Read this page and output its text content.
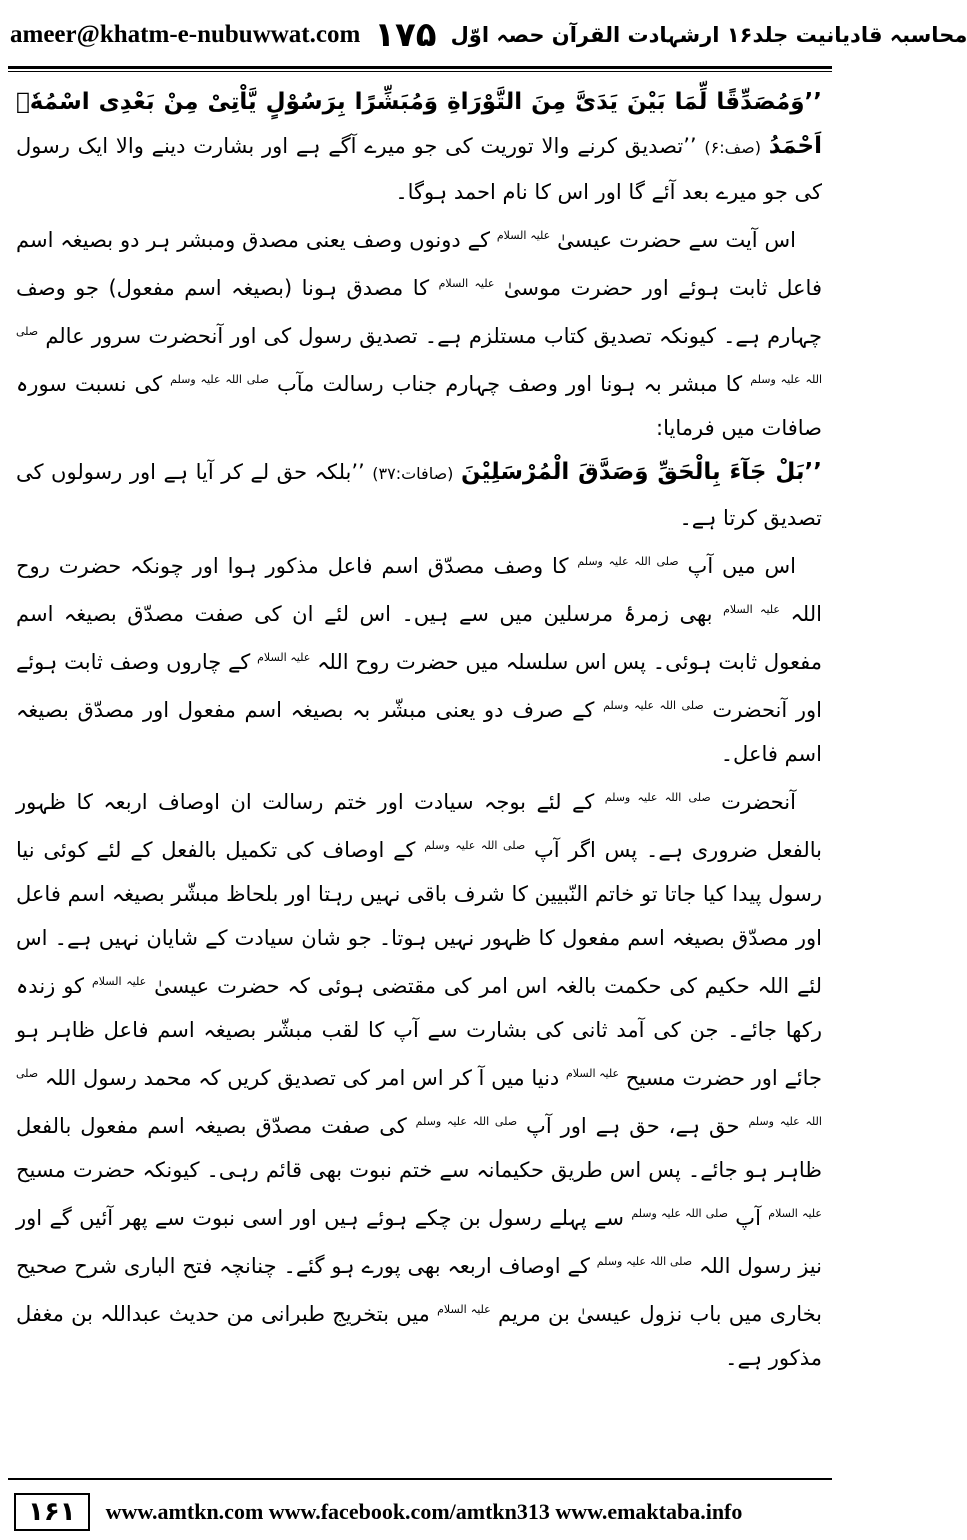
ameer@khatm-e-nubuwwat.com ۱۷۵ محاسبہ قادیانیت جلد۱۶ ارشہادت القرآن حصہ اوّل

’’وَمُصَدِّقًا لِّمَا بَیْنَ یَدَیَّ مِنَ التَّوْرَاةِ وَمُبَشِّرًا بِرَسُوْلٍ یَّاْتِیْ مِنْ بَعْدِی اسْمُهٗۤ اَحْمَدُ (صف:۶) ’’تصدیق کرنے والا توریت کی جو میرے آگے ہے اور بشارت دینے والا ایک رسول کی جو میرے بعد آئے گا اور اس کا نام احمد ہوگا۔

اس آیت سے حضرت عیسیٰ $^{علیہ السلام}$ کے دونوں وصف یعنی مصدق ومبشر ہر دو بصیغہ اسم فاعل ثابت ہوئے اور حضرت موسیٰ $^{علیہ السلام}$ کا مصدق ہونا (بصیغہ اسم مفعول) جو وصف چہارم ہے۔ کیونکہ تصدیق کتاب مستلزم ہے۔ تصدیق رسول کی اور آنحضرت سرور عالم $^{صلی اللہ علیہ وسلم}$ کا مبشر بہ ہونا اور وصف چہارم جناب رسالت مآب $^{صلی اللہ علیہ وسلم}$ کی نسبت سورہ صافات میں فرمایا:

’’بَلْ جَآءَ بِالْحَقِّ وَصَدَّقَ الْمُرْسَلِیْنَ (صافات:۳۷) ’’بلکہ حق لے کر آیا ہے اور رسولوں کی تصدیق کرتا ہے۔

اس میں آپ $^{صلی اللہ علیہ وسلم}$ کا وصف مصدّق اسم فاعل مذکور ہوا اور چونکہ حضرت روح اللہ $^{علیہ السلام}$ بھی زمرۂ مرسلین میں سے ہیں۔ اس لئے ان کی صفت مصدّق بصیغہ اسم مفعول ثابت ہوئی۔ پس اس سلسلہ میں حضرت روح اللہ $^{علیہ السلام}$ کے چاروں وصف ثابت ہوئے اور آنحضرت $^{صلی اللہ علیہ وسلم}$ کے صرف دو یعنی مبشّر بہ بصیغہ اسم مفعول اور مصدّق بصیغہ اسم فاعل۔

آنحضرت $^{صلی اللہ علیہ وسلم}$ کے لئے بوجہ سیادت اور ختم رسالت ان اوصاف اربعہ کا ظہور بالفعل ضروری ہے۔ پس اگر آپ $^{صلی اللہ علیہ وسلم}$ کے اوصاف کی تکمیل بالفعل کے لئے کوئی نیا رسول پیدا کیا جاتا تو خاتم النّبیین کا شرف باقی نہیں رہتا اور بلحاظ مبشّر بصیغہ اسم فاعل اور مصدّق بصیغہ اسم مفعول کا ظہور نہیں ہوتا۔ جو شان سیادت کے شایان نہیں ہے۔ اس لئے اللہ حکیم کی حکمت بالغہ اس امر کی مقتضی ہوئی کہ حضرت عیسیٰ $^{علیہ السلام}$ کو زندہ رکھا جائے۔ جن کی آمد ثانی کی بشارت سے آپ کا لقب مبشّر بصیغہ اسم فاعل ظاہر ہو جائے اور حضرت مسیح $^{علیہ السلام}$ دنیا میں آ کر اس امر کی تصدیق کریں کہ محمد رسول اللہ $^{صلی اللہ علیہ وسلم}$ حق ہے، حق ہے اور آپ $^{صلی اللہ علیہ وسلم}$ کی صفت مصدّق بصیغہ اسم مفعول بالفعل ظاہر ہو جائے۔ پس اس طریق حکیمانہ سے ختم نبوت بھی قائم رہی۔ کیونکہ حضرت مسیح $^{علیہ السلام}$ آپ $^{صلی اللہ علیہ وسلم}$ سے پہلے رسول بن چکے ہوئے ہیں اور اسی نبوت سے پھر آئیں گے اور نیز رسول اللہ $^{صلی اللہ علیہ وسلم}$ کے اوصاف اربعہ بھی پورے ہو گئے۔ چنانچہ فتح الباری شرح صحیح بخاری میں باب نزول عیسیٰ بن مریم $^{علیہ السلام}$ میں بتخریج طبرانی من حدیث عبداللہ بن مغفل مذکور ہے۔

۱۶۱	www.amtkn.com www.facebook.com/amtkn313 www.emaktaba.info
